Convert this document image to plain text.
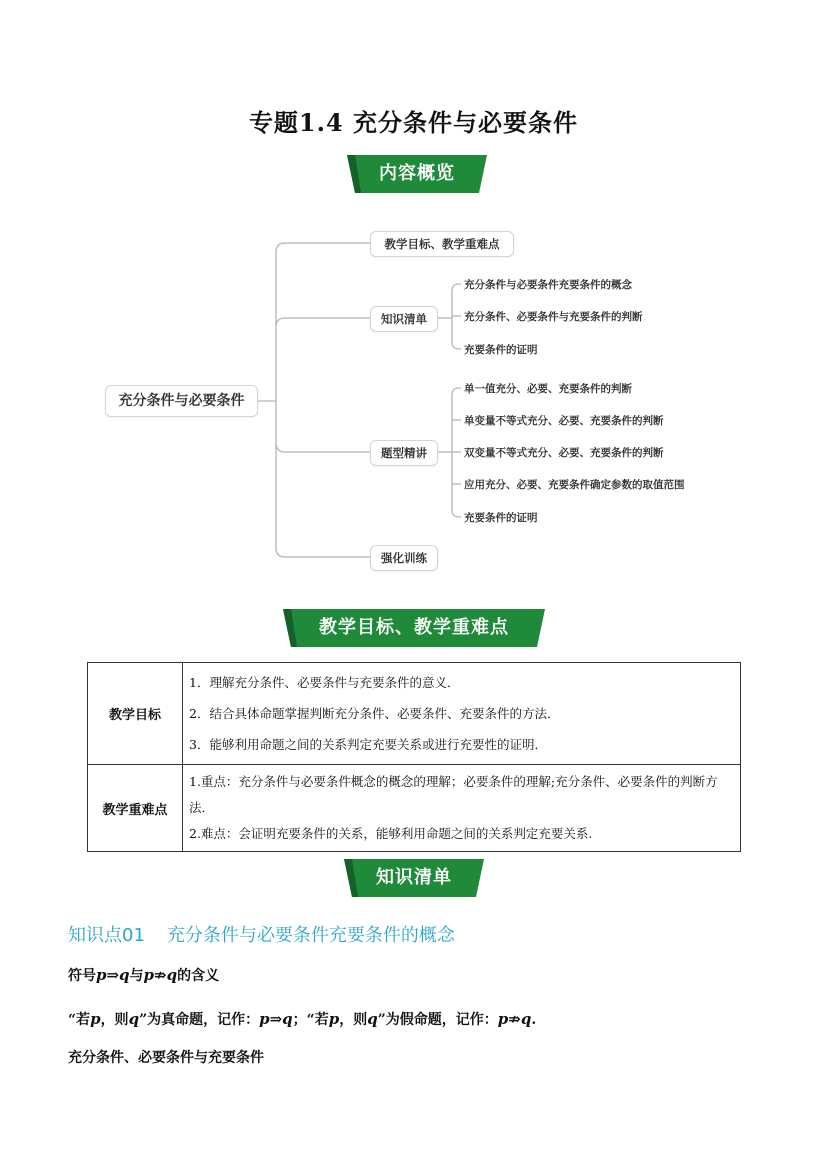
专题1.4 充分条件与必要条件
内容概览
充分条件与必要条件
教学目标、教学重难点
知识清单
题型精讲
强化训练
充分条件与必要条件充要条件的概念
充分条件、必要条件与充要条件的判断
充要条件的证明
单一值充分、必要、充要条件的判断
单变量不等式充分、必要、充要条件的判断
双变量不等式充分、必要、充要条件的判断
应用充分、必要、充要条件确定参数的取值范围
充要条件的证明
教学目标、教学重难点
教学目标	1．理解充分条件、必要条件与充要条件的意义．
2．结合具体命题掌握判断充分条件、必要条件、充要条件的方法．
3．能够利用命题之间的关系判定充要关系或进行充要性的证明．

教学重难点	1.重点：充分条件与必要条件概念的概念的理解；必要条件的理解;充分条件、必要条件的判断方法．
2.难点：会证明充要条件的关系，能够利用命题之间的关系判定充要关系.
知识清单
知识点01 充分条件与必要条件充要条件的概念
符号p⇒q与p⇏q的含义
“若p，则q”为真命题，记作：p⇒q；“若p，则q”为假命题，记作：p⇏q.
充分条件、必要条件与充要条件
